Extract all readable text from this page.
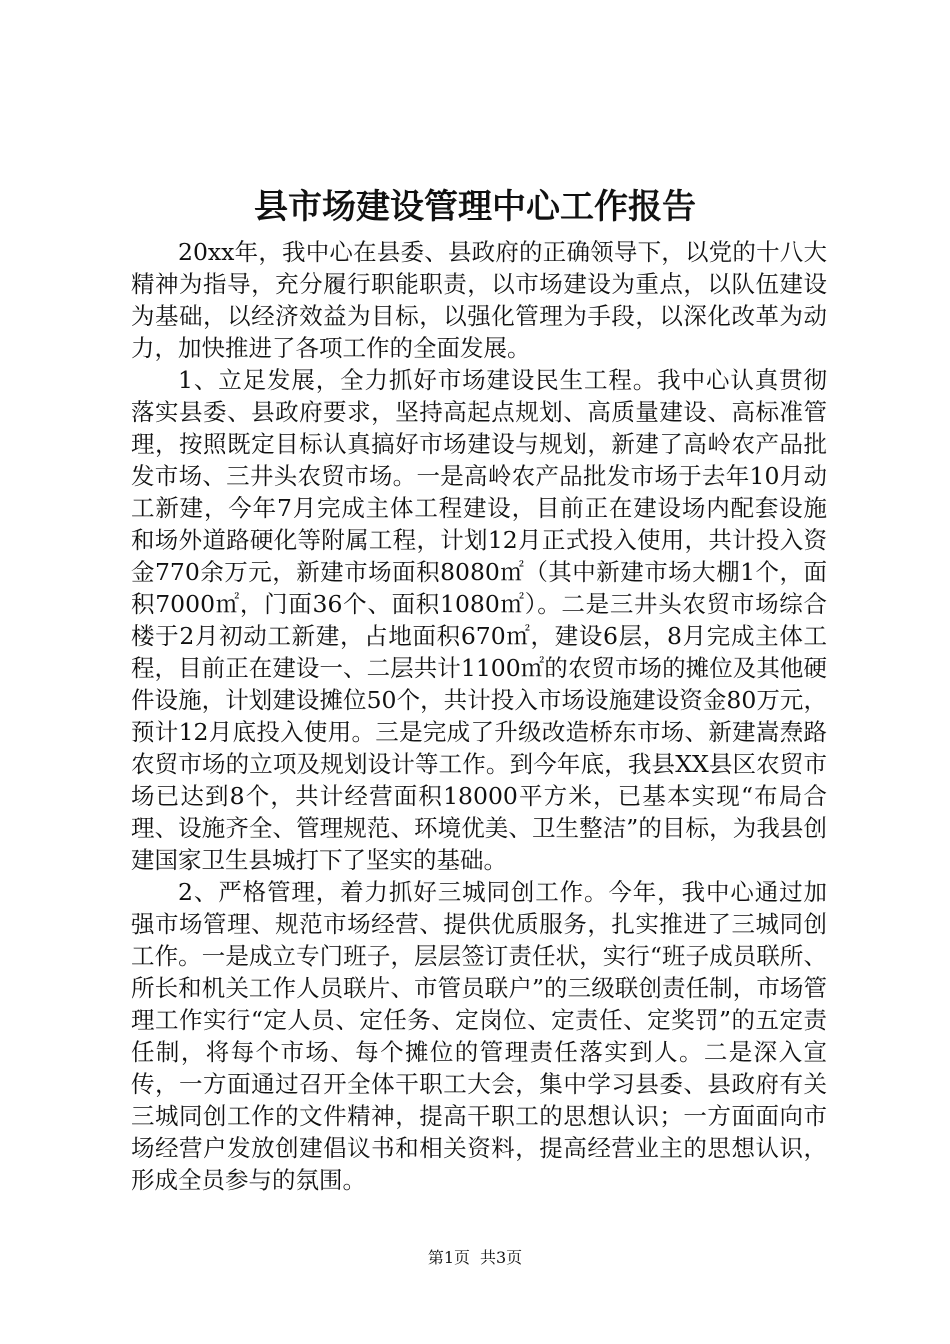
县市场建设管理中心工作报告

20xx年，我中心在县委、县政府的正确领导下，以党的十八大精神为指导，充分履行职能职责，以市场建设为重点，以队伍建设为基础，以经济效益为目标，以强化管理为手段，以深化改革为动力，加快推进了各项工作的全面发展。

1、立足发展，全力抓好市场建设民生工程。我中心认真贯彻落实县委、县政府要求，坚持高起点规划、高质量建设、高标准管理，按照既定目标认真搞好市场建设与规划，新建了高岭农产品批发市场、三井头农贸市场。一是高岭农产品批发市场于去年10月动工新建，今年7月完成主体工程建设，目前正在建设场内配套设施和场外道路硬化等附属工程，计划12月正式投入使用，共计投入资金770余万元，新建市场面积8080㎡（其中新建市场大棚1个，面积7000㎡，门面36个、面积1080㎡）。二是三井头农贸市场综合楼于2月初动工新建，占地面积670㎡，建设6层，8月完成主体工程，目前正在建设一、二层共计1100㎡的农贸市场的摊位及其他硬件设施，计划建设摊位50个，共计投入市场设施建设资金80万元，预计12月底投入使用。三是完成了升级改造桥东市场、新建嵩焘路农贸市场的立项及规划设计等工作。到今年底，我县XX县区农贸市场已达到8个，共计经营面积18000平方米，已基本实现“布局合理、设施齐全、管理规范、环境优美、卫生整洁”的目标，为我县创建国家卫生县城打下了坚实的基础。

2、严格管理，着力抓好三城同创工作。今年，我中心通过加强市场管理、规范市场经营、提供优质服务，扎实推进了三城同创工作。一是成立专门班子，层层签订责任状，实行“班子成员联所、所长和机关工作人员联片、市管员联户”的三级联创责任制，市场管理工作实行“定人员、定任务、定岗位、定责任、定奖罚”的五定责任制，将每个市场、每个摊位的管理责任落实到人。二是深入宣传，一方面通过召开全体干职工大会，集中学习县委、县政府有关三城同创工作的文件精神，提高干职工的思想认识；一方面面向市场经营户发放创建倡议书和相关资料，提高经营业主的思想认识，形成全员参与的氛围。

第1页 共3页
